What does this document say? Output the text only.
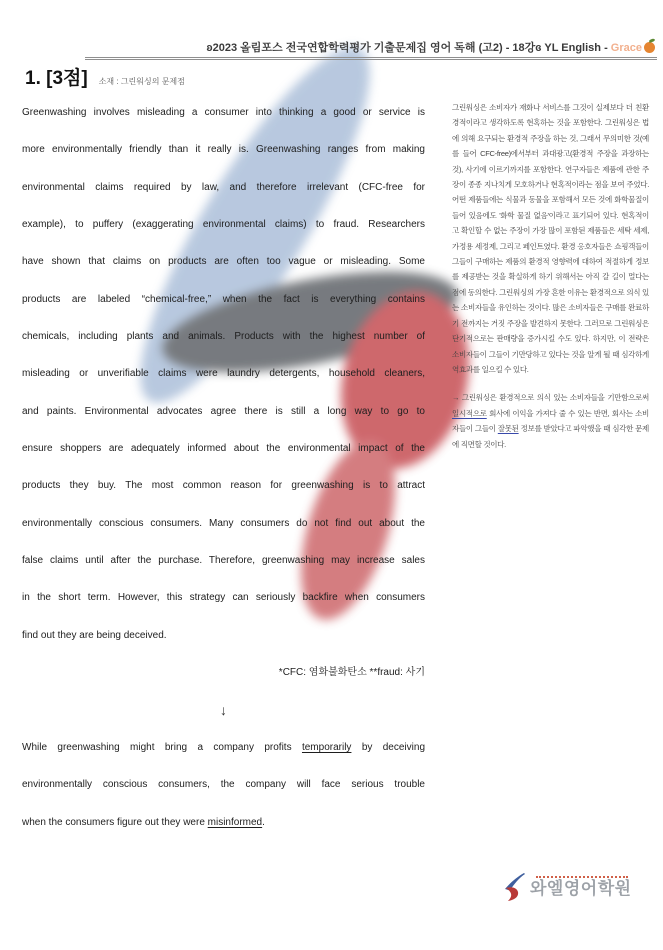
ʚ2023 올림포스 전국연합학력평가 기출문제집 영어 독해 (고2) - 18강ɞ YL English - Grace
1. [3점] 소재 : 그린워싱의 문제점
Greenwashing involves misleading a consumer into thinking a good or service is
more environmentally friendly than it really is. Greenwashing ranges from making
environmental claims required by law, and therefore irrelevant (CFC-free for
example), to puffery (exaggerating environmental claims) to fraud. Researchers
have shown that claims on products are often too vague or misleading. Some
products are labeled “chemical-free,” when the fact is everything contains
chemicals, including plants and animals. Products with the highest number of
misleading or unverifiable claims were laundry detergents, household cleaners,
and paints. Environmental advocates agree there is still a long way to go to
ensure shoppers are adequately informed about the environmental impact of the
products they buy. The most common reason for greenwashing is to attract
environmentally conscious consumers. Many consumers do not find out about the
false claims until after the purchase. Therefore, greenwashing may increase sales
in the short term. However, this strategy can seriously backfire when consumers
find out they are being deceived.
*CFC: 염화불화탄소 **fraud: 사기
↓
While greenwashing might bring a company profits temporarily by deceiving
environmentally conscious consumers, the company will face serious trouble
when the consumers figure out they were misinformed.
그린워싱은 소비자가 재화나 서비스를 그것이 실제보다 더 친환경적이라고 생각하도록 현혹하는 것을 포함한다. 그린워싱은 법에 의해 요구되는 환경적 주장을 하는 것, 그래서 무의미한 것(예를 들어 CFC-free)에서부터 과대광고(환경적 주장을 과장하는 것), 사기에 이르기까지를 포함한다. 연구자들은 제품에 관한 주장이 종종 지나치게 모호하거나 현혹적이라는 점을 보여 주었다. 어떤 제품들에는 식물과 동물을 포함해서 모든 것에 화학물질이 들어 있음에도 '화학 물질 없음'이라고 표기되어 있다. 현혹적이고 확인할 수 없는 주장이 가장 많이 포함된 제품들은 세탁 세제, 가정용 세정제, 그리고 페인트였다. 환경 옹호자들은 쇼핑객들이 그들이 구매하는 제품의 환경적 영향력에 대하여 적절하게 정보를 제공받는 것을 확실하게 하기 위해서는 아직 갈 길이 멀다는 점에 동의한다. 그린워싱의 가장 흔한 이유는 환경적으로 의식 있는 소비자들을 유인하는 것이다. 많은 소비자들은 구매를 완료하기 전까지는 거짓 주장을 발견하지 못한다. 그러므로 그린워싱은 단기적으로는 판매량을 증가시킬 수도 있다. 하지만, 이 전략은 소비자들이 그들이 기만당하고 있다는 것을 알게 될 때 심각하게 역효과를 일으킬 수 있다.
→ 그린워싱은 환경적으로 의식 있는 소비자들을 기만함으로써 일시적으로 회사에 이익을 가져다 줄 수 있는 반면, 회사는 소비자들이 그들이 잘못된 정보를 받았다고 파악했을 때 심각한 문제에 직면할 것이다.
와엘영어학원
